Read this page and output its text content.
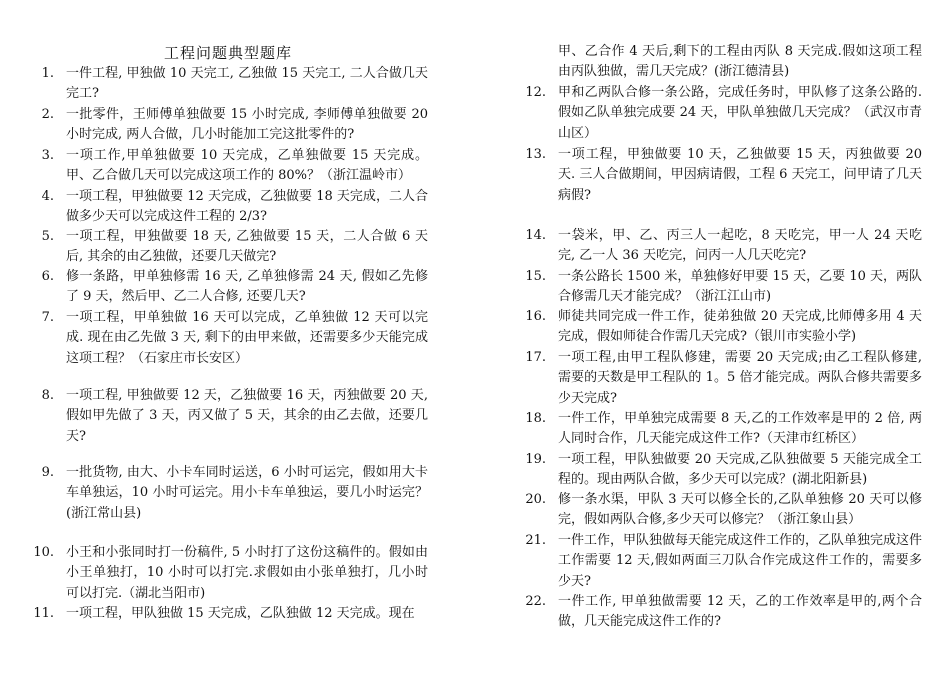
工程问题典型题库
1. 一件工程, 甲独做 10 天完工, 乙独做 15 天完工, 二人合做几天完工?
2. 一批零件，王师傅单独做要 15 小时完成, 李师傅单独做要 20 小时完成, 两人合做，几小时能加工完这批零件的?
3. 一项工作,甲单独做要 10 天完成，乙单独做要 15 天完成。甲、乙合做几天可以完成这项工作的 80%？（浙江温岭市）
4. 一项工程，甲独做要 12 天完成，乙独做要 18 天完成，二人合做多少天可以完成这件工程的 2/3?
5. 一项工程，甲独做要 18 天, 乙独做要 15 天，二人合做 6 天后, 其余的由乙独做，还要几天做完?
6. 修一条路，甲单独修需 16 天, 乙单独修需 24 天, 假如乙先修了 9 天，然后甲、乙二人合修, 还要几天?
7. 一项工程，甲单独做 16 天可以完成，乙单独做 12 天可以完成. 现在由乙先做 3 天, 剩下的由甲来做，还需要多少天能完成这项工程？（石家庄市长安区）
8. 一项工程, 甲独做要 12 天，乙独做要 16 天，丙独做要 20 天, 假如甲先做了 3 天，丙又做了 5 天，其余的由乙去做，还要几天?
9. 一批货物, 由大、小卡车同时运送，6 小时可运完，假如用大卡车单独运，10 小时可运完。用小卡车单独运，要几小时运完？(浙江常山县)
10. 小王和小张同时打一份稿件, 5 小时打了这份这稿件的。假如由小王单独打，10 小时可以打完.求假如由小张单独打，几小时可以打完.（湖北当阳市)
11. 一项工程，甲队独做 15 天完成，乙队独做 12 天完成。现在
甲、乙合作 4 天后,剩下的工程由丙队 8 天完成.假如这项工程由丙队独做，需几天完成？(浙江德清县)
12. 甲和乙两队合修一条公路，完成任务时，甲队修了这条公路的. 假如乙队单独完成要 24 天，甲队单独做几天完成？（武汉市青山区）
13. 一项工程，甲独做要 10 天，乙独做要 15 天，丙独做要 20 天. 三人合做期间，甲因病请假，工程 6 天完工，问甲请了几天病假?
14. 一袋米，甲、乙、丙三人一起吃，8 天吃完，甲一人 24 天吃完, 乙一人 36 天吃完，问丙一人几天吃完?
15. 一条公路长 1500 米，单独修好甲要 15 天，乙要 10 天，两队合修需几天才能完成？（浙江江山市)
16. 师徒共同完成一件工作，徒弟独做 20 天完成,比师傅多用 4 天完成，假如师徒合作需几天完成?（银川市实验小学)
17. 一项工程,由甲工程队修建，需要 20 天完成;由乙工程队修建, 需要的天数是甲工程队的 1。5 倍才能完成。两队合修共需要多少天完成?
18. 一件工作，甲单独完成需要 8 天,乙的工作效率是甲的 2 倍, 两人同时合作，几天能完成这件工作?（天津市红桥区）
19. 一项工程，甲队独做要 20 天完成,乙队独做要 5 天能完成全工程的。现由两队合做，多少天可以完成？(湖北阳新县)
20. 修一条水渠，甲队 3 天可以修全长的,乙队单独修 20 天可以修完，假如两队合修,多少天可以修完？（浙江象山县）
21. 一件工作，甲队独做每天能完成这件工作的，乙队单独完成这件工作需要 12 天,假如两面三刀队合作完成这件工作的，需要多少天?
22. 一件工作, 甲单独做需要 12 天，乙的工作效率是甲的,两个合做，几天能完成这件工作的?
